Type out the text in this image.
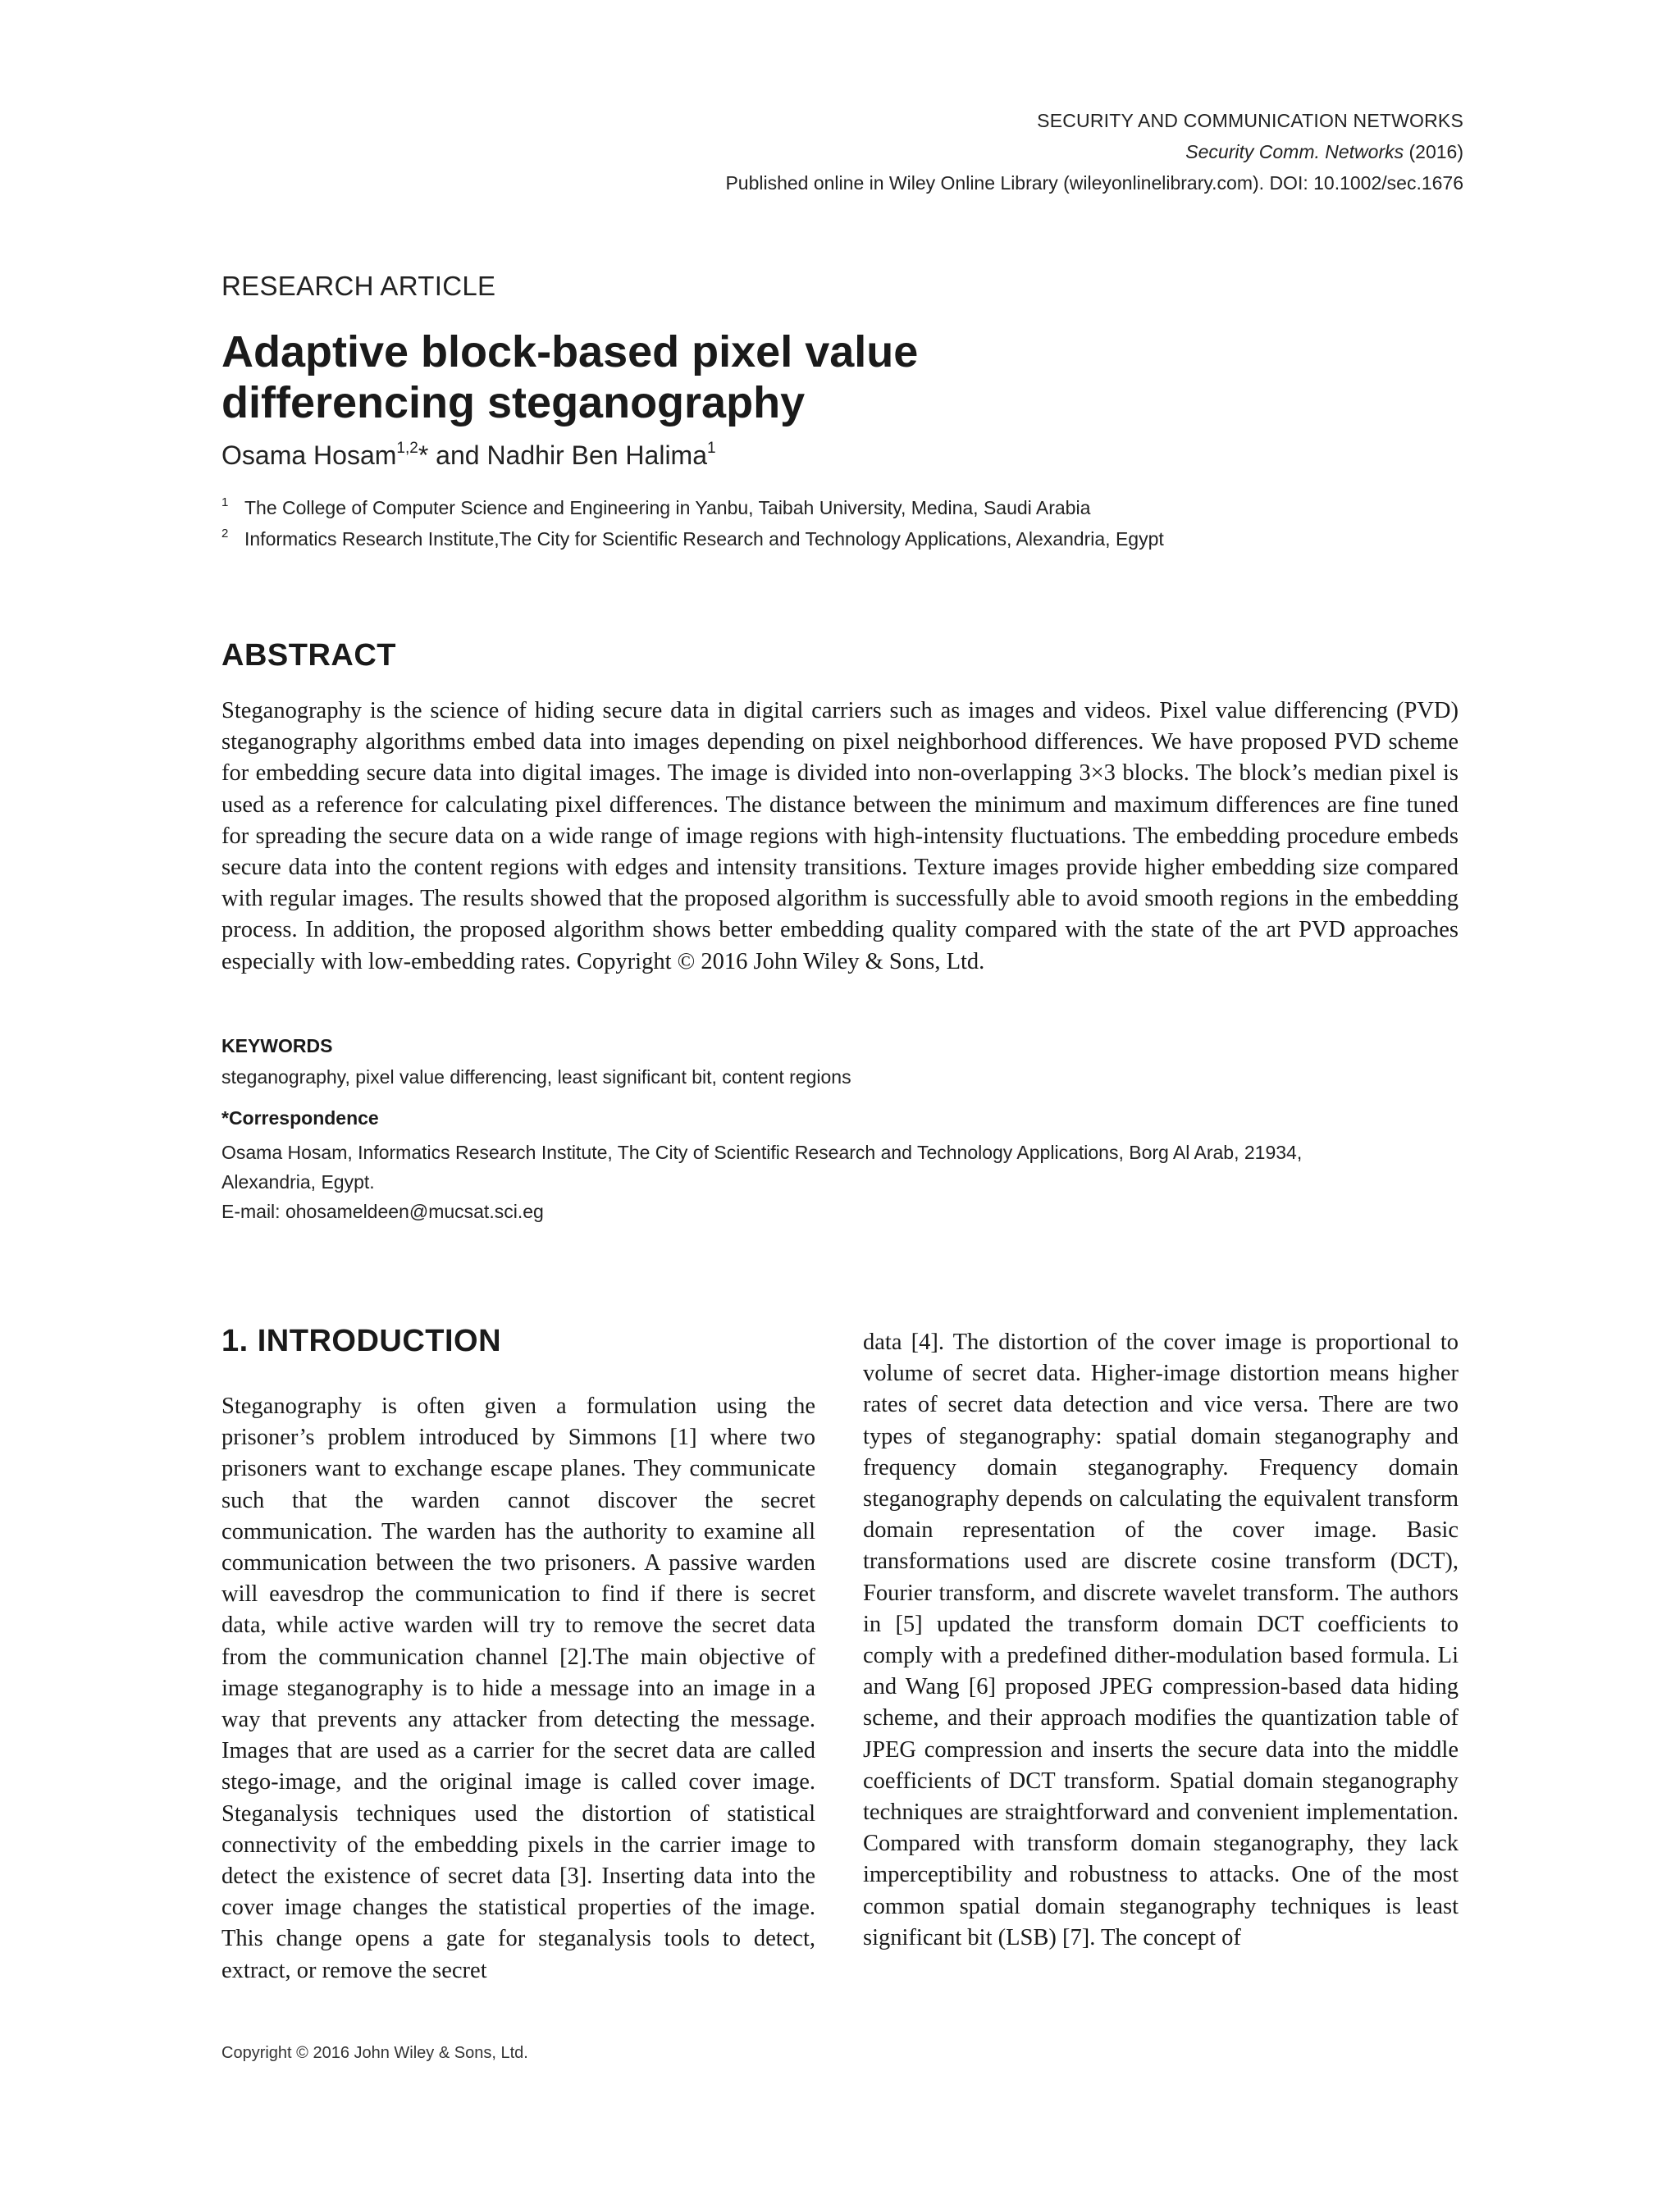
SECURITY AND COMMUNICATION NETWORKS
Security Comm. Networks (2016)
Published online in Wiley Online Library (wileyonlinelibrary.com). DOI: 10.1002/sec.1676
RESEARCH ARTICLE
Adaptive block-based pixel value
differencing steganography
Osama Hosam$^{1,2}$* and Nadhir Ben Halima$^1$
1 The College of Computer Science and Engineering in Yanbu, Taibah University, Medina, Saudi Arabia
2 Informatics Research Institute,The City for Scientific Research and Technology Applications, Alexandria, Egypt
ABSTRACT
Steganography is the science of hiding secure data in digital carriers such as images and videos. Pixel value differencing (PVD) steganography algorithms embed data into images depending on pixel neighborhood differences. We have proposed PVD scheme for embedding secure data into digital images. The image is divided into non-overlapping 3×3 blocks. The block’s median pixel is used as a reference for calculating pixel differences. The distance between the minimum and maximum differences are fine tuned for spreading the secure data on a wide range of image regions with high-intensity fluctuations. The embedding procedure embeds secure data into the content regions with edges and intensity transitions. Texture images provide higher embedding size compared with regular images. The results showed that the proposed algorithm is successfully able to avoid smooth regions in the embedding process. In addition, the proposed algorithm shows better embedding quality compared with the state of the art PVD approaches especially with low-embedding rates. Copyright © 2016 John Wiley & Sons, Ltd.
KEYWORDS
steganography, pixel value differencing, least significant bit, content regions
*Correspondence
Osama Hosam, Informatics Research Institute, The City of Scientific Research and Technology Applications, Borg Al Arab, 21934,
Alexandria, Egypt.
E-mail: ohosameldeen@mucsat.sci.eg
1. INTRODUCTION
Steganography is often given a formulation using the prisoner’s problem introduced by Simmons [1] where two prisoners want to exchange escape planes. They communicate such that the warden cannot discover the secret communication. The warden has the authority to examine all communication between the two prisoners. A passive warden will eavesdrop the communication to find if there is secret data, while active warden will try to remove the secret data from the communication channel [2].The main objective of image steganography is to hide a message into an image in a way that prevents any attacker from detecting the message. Images that are used as a carrier for the secret data are called stego-image, and the original image is called cover image. Steganalysis techniques used the distortion of statistical connectivity of the embedding pixels in the carrier image to detect the existence of secret data [3]. Inserting data into the cover image changes the statistical properties of the image. This change opens a gate for steganalysis tools to detect, extract, or remove the secret
data [4]. The distortion of the cover image is proportional to volume of secret data. Higher-image distortion means higher rates of secret data detection and vice versa. There are two types of steganography: spatial domain steganography and frequency domain steganography. Frequency domain steganography depends on calculating the equivalent transform domain representation of the cover image. Basic transformations used are discrete cosine transform (DCT), Fourier transform, and discrete wavelet transform. The authors in [5] updated the transform domain DCT coefficients to comply with a predefined dither-modulation based formula. Li and Wang [6] proposed JPEG compression-based data hiding scheme, and their approach modifies the quantization table of JPEG compression and inserts the secure data into the middle coefficients of DCT transform. Spatial domain steganography techniques are straightforward and convenient implementation. Compared with transform domain steganography, they lack imperceptibility and robustness to attacks. One of the most common spatial domain steganography techniques is least significant bit (LSB) [7]. The concept of
Copyright © 2016 John Wiley & Sons, Ltd.
